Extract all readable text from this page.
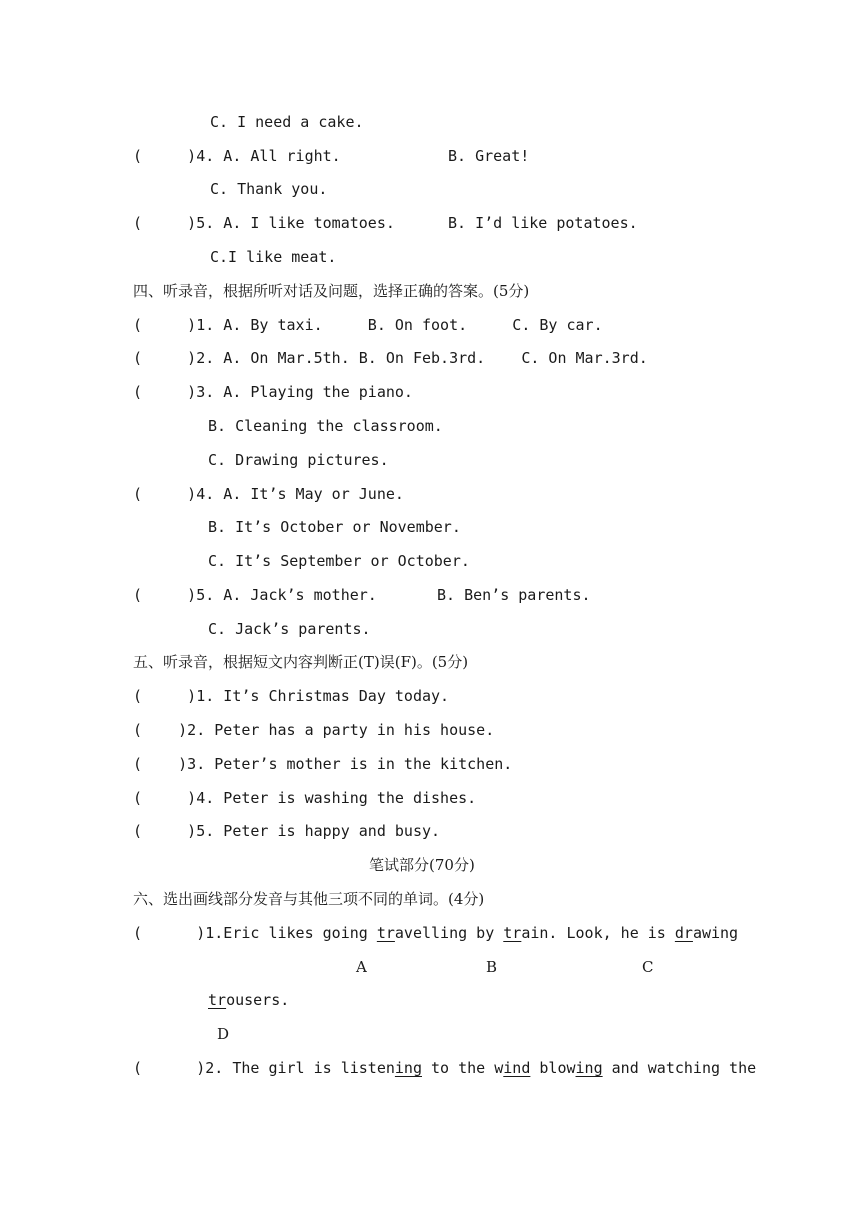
C. I need a cake.
(     )4. A. All right.	B. Great!
C. Thank you.
(     )5. A. I like tomatoes.	B. I’d like potatoes.
C.I like meat.
四、听录音，根据所听对话及问题，选择正确的答案。(5分)
(     )1. A. By taxi.     B. On foot.     C. By car.
(     )2. A. On Mar.5th. B. On Feb.3rd.    C. On Mar.3rd.
(     )3. A. Playing the piano.
B. Cleaning the classroom.
C. Drawing pictures.
(     )4. A. It’s May or June.
B. It’s October or November.
C. It’s September or October.
(     )5. A. Jack’s mother.	B. Ben’s parents.
C. Jack’s parents.
五、听录音，根据短文内容判断正(T)误(F)。(5分)
(     )1. It’s Christmas Day today.
(    )2. Peter has a party in his house.
(    )3. Peter’s mother is in the kitchen.
(     )4. Peter is washing the dishes.
(     )5. Peter is happy and busy.
笔试部分(70分)
六、选出画线部分发音与其他三项不同的单词。(4分)
(      )1.Eric likes going travelling by train. Look, he is drawing
A	B	C
trousers.
D
(      )2. The girl is listening to the wind blowing and watching the
